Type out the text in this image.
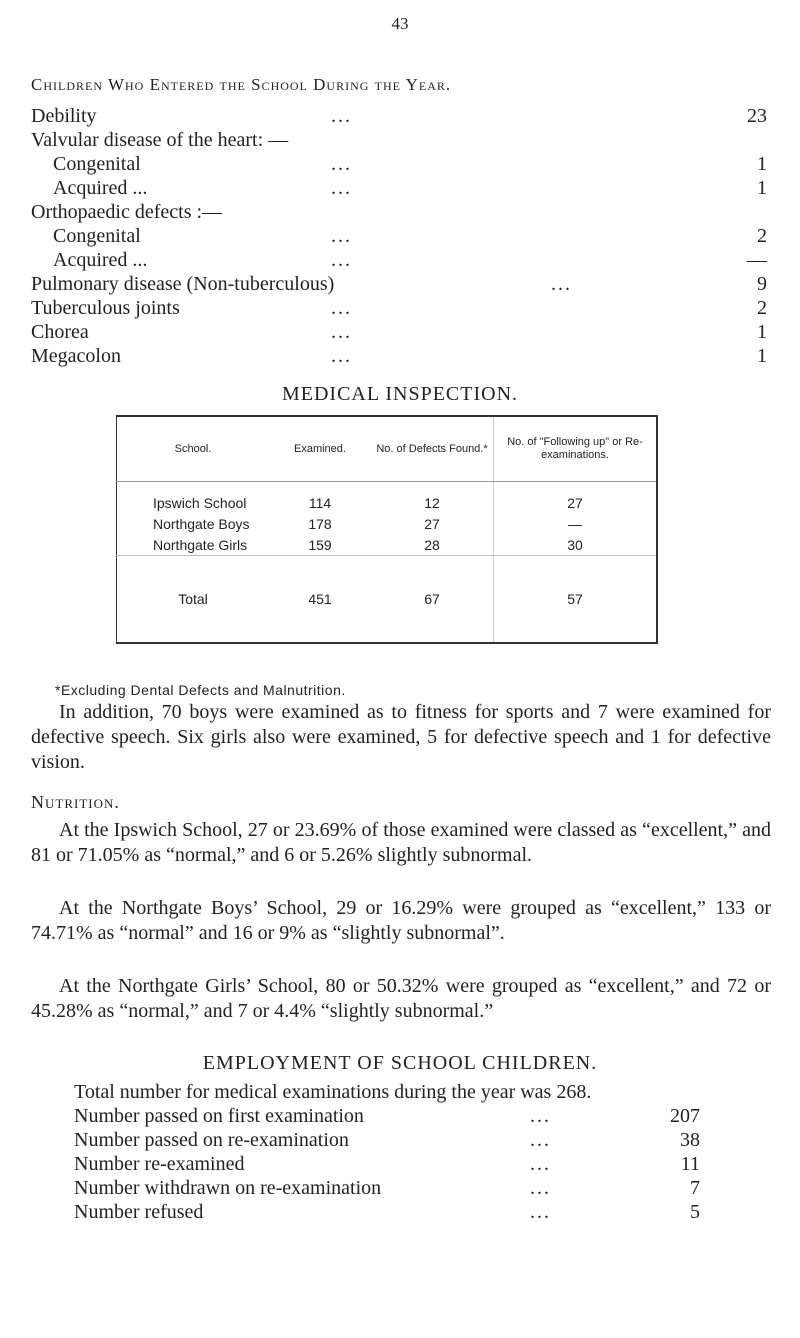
43
Children Who Entered the School During the Year.
Debility	...	23
Valvular disease of the heart: —
Congenital	...	1
Acquired ...	...	1
Orthopaedic defects :—
Congenital	...	2
Acquired ...	...	—
Pulmonary disease (Non-tuberculous)	...	9
Tuberculous joints	...	2
Chorea	...	1
Megacolon	...	1
MEDICAL INSPECTION.
School.	Examined.	No. of Defects Found.*	No. of "Following up" or Re-examinations.

Ipswich School	114	12	27
Northgate Boys	178	27	—
Northgate Girls	159	28	30
Total	451	67	57
*Excluding Dental Defects and Malnutrition.
In addition, 70 boys were examined as to fitness for sports and 7 were examined for defective speech. Six girls also were examined, 5 for defective speech and 1 for defective vision.
Nutrition.
At the Ipswich School, 27 or 23.69% of those examined were classed as “excellent,” and 81 or 71.05% as “normal,” and 6 or 5.26% slightly subnormal.
At the Northgate Boys’ School, 29 or 16.29% were grouped as “excellent,” 133 or 74.71% as “normal” and 16 or 9% as “slightly subnormal”.
At the Northgate Girls’ School, 80 or 50.32% were grouped as “excellent,” and 72 or 45.28% as “normal,” and 7 or 4.4% “slightly subnormal.”
EMPLOYMENT OF SCHOOL CHILDREN.
Total number for medical examinations during the year was 268.
Number passed on first examination	...	207
Number passed on re-examination	...	38
Number re-examined	...	11
Number withdrawn on re-examination	...	7
Number refused	...	5
